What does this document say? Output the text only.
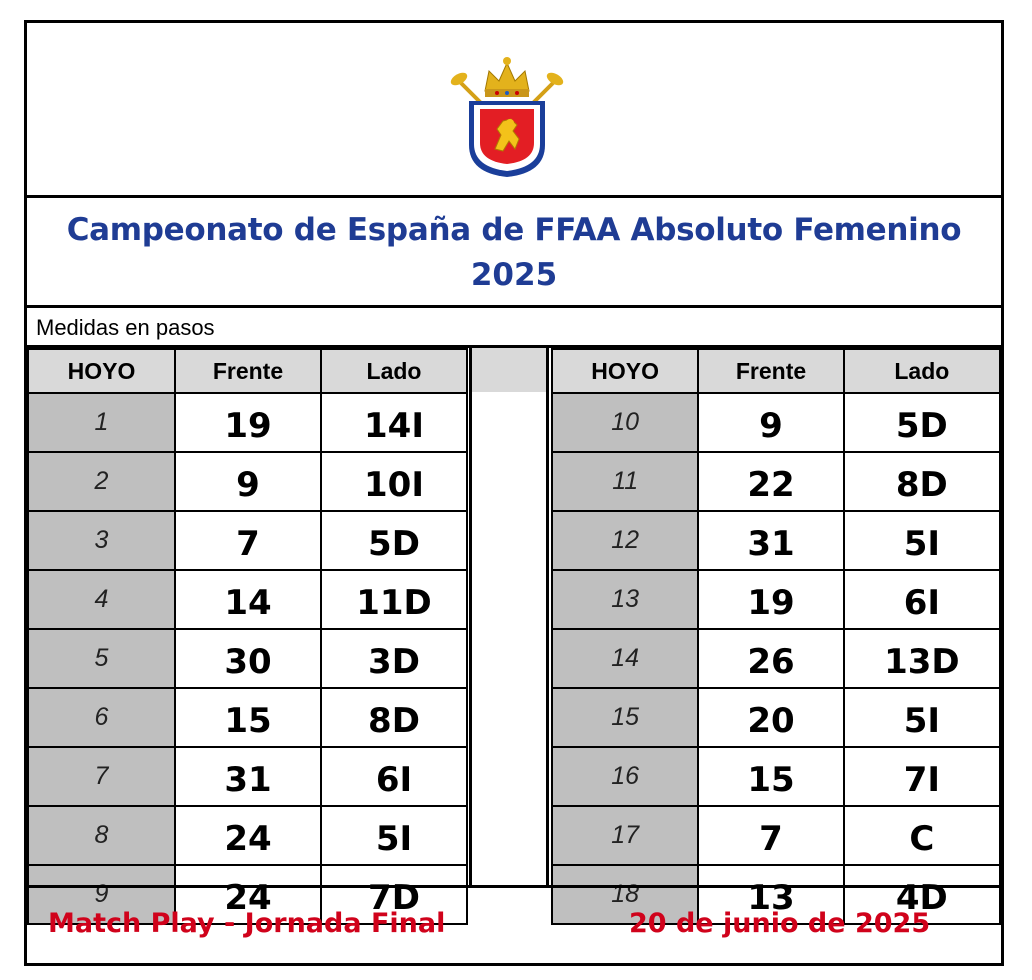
Campeonato de España de FFAA Absoluto Femenino
2025
Medidas en pasos
HOYO	Frente	Lado
1	19	14I
2	9	10I
3	7	5D
4	14	11D
5	30	3D
6	15	8D
7	31	6I
8	24	5I
9	24	7D
HOYO	Frente	Lado
10	9	5D
11	22	8D
12	31	5I
13	19	6I
14	26	13D
15	20	5I
16	15	7I
17	7	C
18	13	4D
Match Play - Jornada Final	20 de junio de 2025
